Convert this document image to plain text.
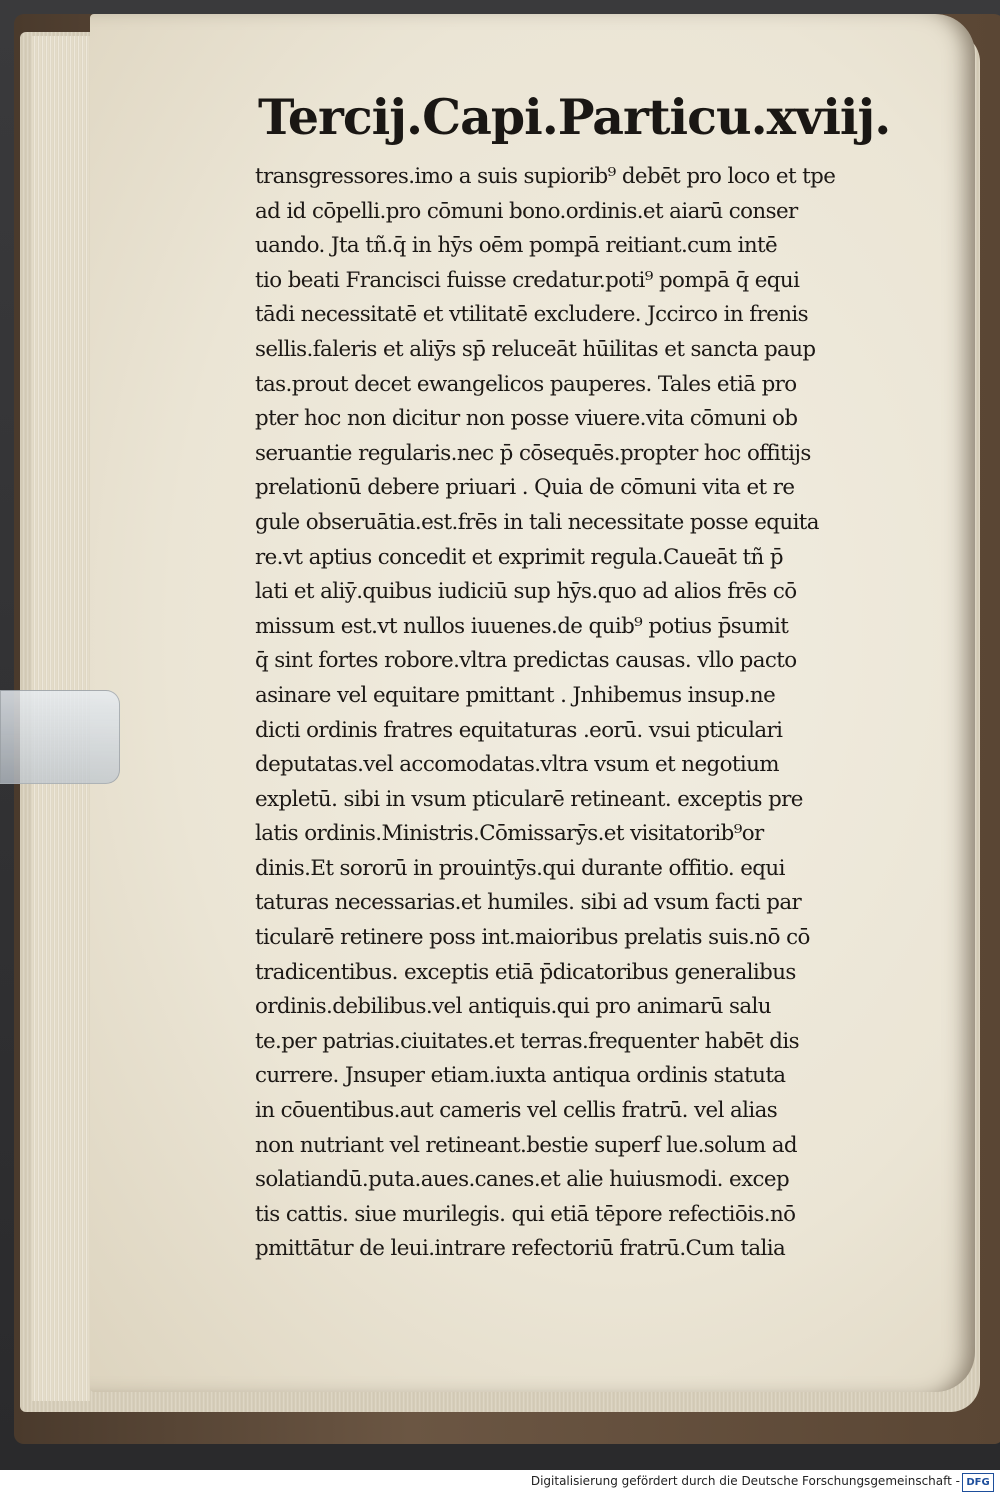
Tercij.Capi. Particu.xviij.
transgressores.imo a suis supiorib⁹ debēt pro loco et tpe
ad id cōpelli.pro cōmuni bono.ordinis.et aiarū conser
uando. Jta tñ.q̄ in hȳs oēm pompā reitiant.cum intē
tio beati Francisci fuisse credatur.poti⁹ pompā q̄ equi
tādi necessitatē et vtilitatē excludere. Jccirco in frenis
sellis.faleris et aliȳs sp̄ reluceāt hūilitas et sancta paup
tas.prout decet ewangelicos pauperes. Tales etiā pro
pter hoc non dicitur non posse viuere.vita cōmuni ob
seruantie regularis.nec p̄ cōsequēs.propter hoc offitijs
prelationū debere priuari . Quia de cōmuni vita et re
gule obseruātia.est.frēs in tali necessitate posse equita
re.vt aptius concedit et exprimit regula.Caueāt tñ p̄
lati et aliȳ.quibus iudiciū sup hȳs.quo ad alios frēs cō
missum est.vt nullos iuuenes.de quib⁹ potius p̄sumit
q̄ sint fortes robore.vltra predictas causas. vllo pacto
asinare vel equitare pmittant . Jnhibemus insup.ne
dicti ordinis fratres equitaturas .eorū. vsui pticulari
deputatas.vel accomodatas.vltra vsum et negotium
expletū. sibi in vsum pticularē retineant. exceptis pre
latis ordinis.Ministris.Cōmissarȳs.et visitatorib⁹or
dinis.Et sororū in prouintȳs.qui durante offitio. equi
taturas necessarias.et humiles. sibi ad vsum facti par
ticularē retinere poss int.maioribus prelatis suis.nō cō
tradicentibus. exceptis etiā p̄dicatoribus generalibus
ordinis.debilibus.vel antiquis.qui pro animarū salu
te.per patrias.ciuitates.et terras.frequenter habēt dis
currere. Jnsuper etiam.iuxta antiqua ordinis statuta
in cōuentibus.aut cameris vel cellis fratrū. vel alias
non nutriant vel retineant.bestie superf lue.solum ad
solatiandū.puta.aues.canes.et alie huiusmodi. excep
tis cattis. siue murilegis. qui etiā tēpore refectiōis.nō
pmittātur de leui.intrare refectoriū fratrū.Cum talia
Digitalisierung gefördert durch die Deutsche Forschungsgemeinschaft - DFG
